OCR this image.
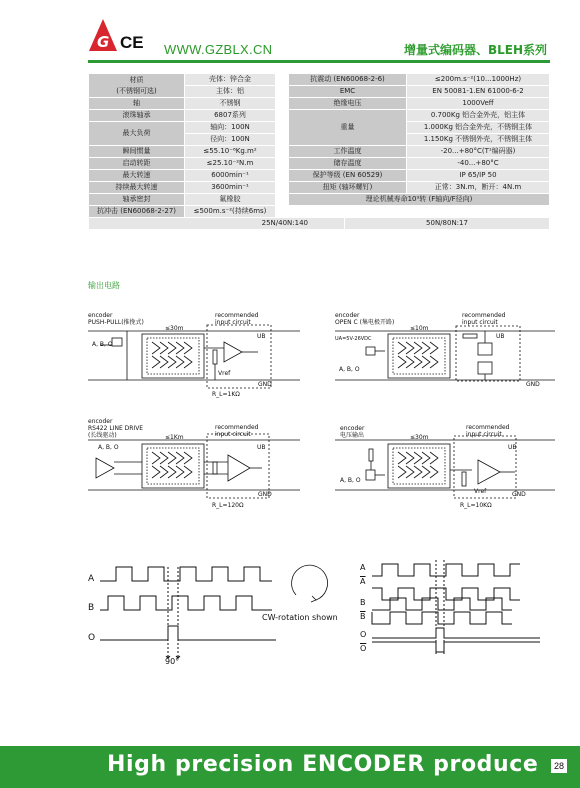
G CE WWW.GZBLX.CN	增量式编码器、BLEH系列
材质
(不锈钢可选)	壳体：锌合金
	主体：铝
轴	不锈钢
滚珠轴承	6807系列
最大负荷	轴向：100N
	径向：100N
瞬间惯量	≤55.10⁻⁶Kg.m²
启动转距	≤25.10⁻²N.m
最大转速	6000min⁻¹
持续最大转速	3600min⁻¹
轴承密封	氟橡胶
抗冲击 (EN60068-2-27)	≤500m.s⁻²(持续6ms)
抗震动 (EN60068-2-6)	≤200m.s⁻²(10...1000Hz)
EMC	EN 50081-1.EN 61000-6-2
绝缘电压	1000Veff
重量	0.700Kg 铝合金外壳，铝主体
	1.000Kg 铝合金外壳，不锈钢主体
	1.150Kg 不锈钢外壳，不锈钢主体
工作温度	-20...+80°C(T¹编码器)
储存温度	-40...+80°C
保护等级 (EN 60529)	IP 65/IP 50
扭矩 (轴环螺钉)	正常：3N.m，断开：4N.m
理论机械寿命10⁹转 (F轴向/F径向)	
25N/40N:140	50N/80N:17
输出电路
encoder
PUSH-PULL(推挽式)
≤30m
recommended
input circuit
A, B, O
UB
Vref
GND
R_L=1KΩ
encoder
OPEN C (集电极开路)
≤10m
recommended
input circuit
UA=5V-26VDC
A, B, O
UB
GND
encoder
RS422 LINE DRIVE
(长线驱动)	≤1Km
recommended
input circuit
A, B, O	UB
GND
R_L=120Ω
encoder
电压输出	≤30m
recommended
input circuit
A, B, O
UB
Vref	GND
R_L=10KΩ
A
B
O
90°
CW-rotation shown
A
$\overline{A}$
B
$\overline{B}$
O
$\overline{O}$
High precision ENCODER produce	28
